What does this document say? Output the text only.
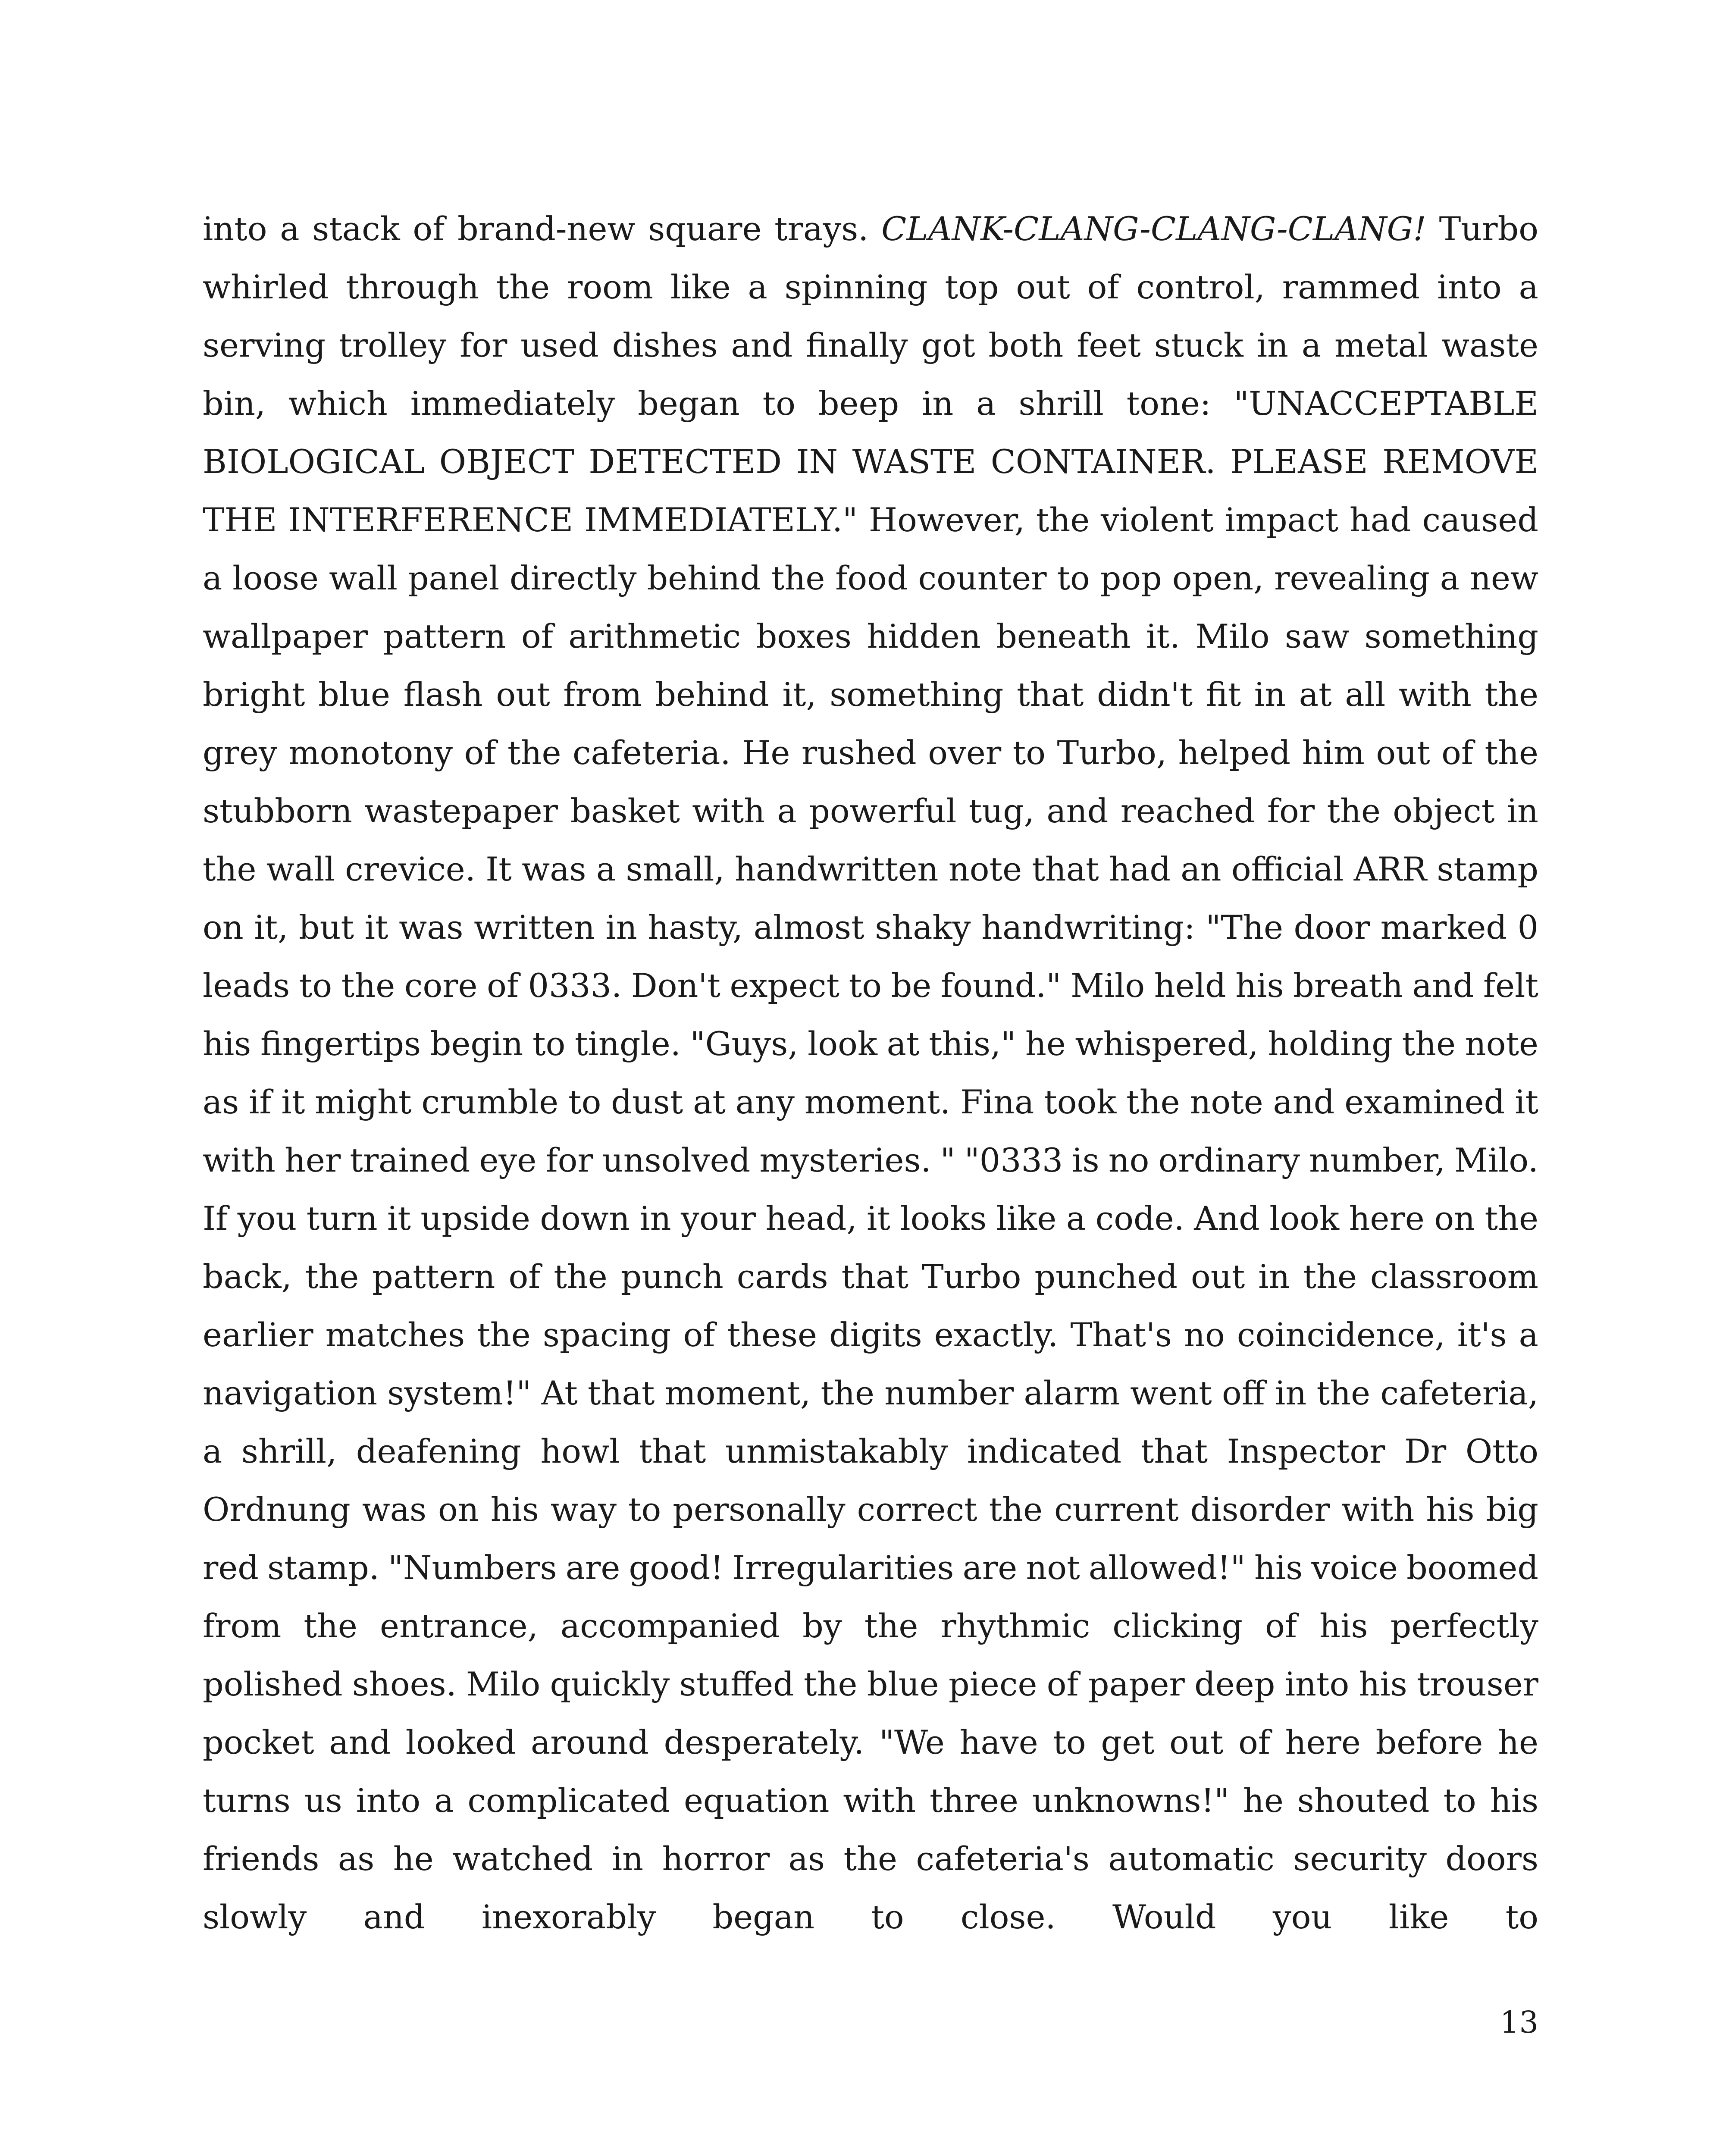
into a stack of brand-new square trays. CLANK-CLANG-CLANG-CLANG! Turbo whirled through the room like a spinning top out of control, rammed into a serving trolley for used dishes and finally got both feet stuck in a metal waste bin, which immediately began to beep in a shrill tone: "UNACCEPTABLE BIOLOGICAL OBJECT DETECTED IN WASTE CONTAINER. PLEASE REMOVE THE INTERFERENCE IMMEDIATELY." However, the violent impact had caused a loose wall panel directly behind the food counter to pop open, revealing a new wallpaper pattern of arithmetic boxes hidden beneath it. Milo saw something bright blue flash out from behind it, something that didn't fit in at all with the grey monotony of the cafeteria. He rushed over to Turbo, helped him out of the stubborn wastepaper basket with a powerful tug, and reached for the object in the wall crevice. It was a small, handwritten note that had an official ARR stamp on it, but it was written in hasty, almost shaky handwriting: "The door marked 0 leads to the core of 0333. Don't expect to be found." Milo held his breath and felt his fingertips begin to tingle. "Guys, look at this," he whispered, holding the note as if it might crumble to dust at any moment. Fina took the note and examined it with her trained eye for unsolved mysteries. " "0333 is no ordinary number, Milo. If you turn it upside down in your head, it looks like a code. And look here on the back, the pattern of the punch cards that Turbo punched out in the classroom earlier matches the spacing of these digits exactly. That's no coincidence, it's a navigation system!" At that moment, the number alarm went off in the cafeteria, a shrill, deafening howl that unmistakably indicated that Inspector Dr Otto Ordnung was on his way to personally correct the current disorder with his big red stamp. "Numbers are good! Irregularities are not allowed!" his voice boomed from the entrance, accompanied by the rhythmic clicking of his perfectly polished shoes. Milo quickly stuffed the blue piece of paper deep into his trouser pocket and looked around desperately. "We have to get out of here before he turns us into a complicated equation with three unknowns!" he shouted to his friends as he watched in horror as the cafeteria's automatic security doors slowly and inexorably began to close. Would you like to

13
